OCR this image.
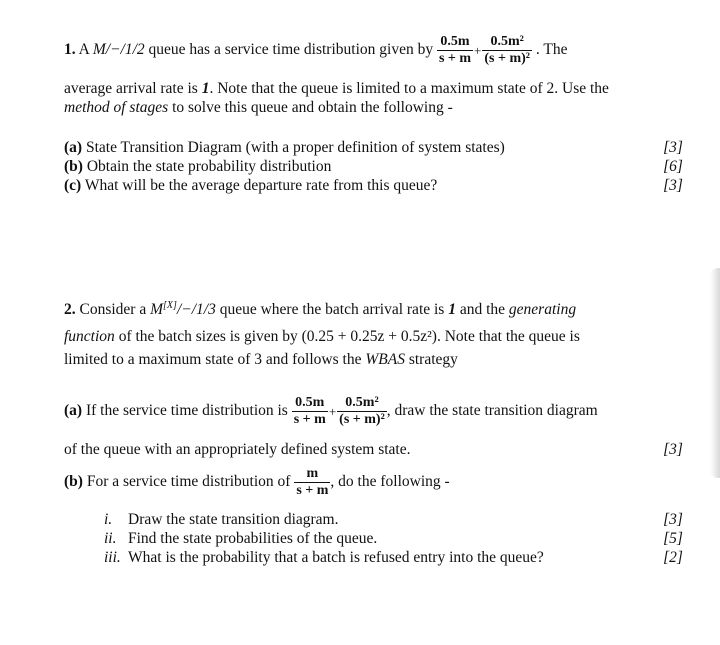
1. A M/−/1/2 queue has a service time distribution given by $\frac{0.5m}{s + m} + \frac{\text{0.5m²}}{\text{(s + m)²}}$ . The
average arrival rate is 1. Note that the queue is limited to a maximum state of 2. Use the
method of stages to solve this queue and obtain the following -
(a) State Transition Diagram (with a proper definition of system states)	[3]
(b) Obtain the state probability distribution	[6]
(c) What will be the average departure rate from this queue?	[3]
2. Consider a M[X]/−/1/3 queue where the batch arrival rate is 1 and the generating
function of the batch sizes is given by (0.25 + 0.25z + 0.5z²). Note that the queue is
limited to a maximum state of 3 and follows the WBAS strategy
(a) If the service time distribution is $\frac{0.5m}{s + m} + \frac{\text{0.5m²}}{\text{(s + m)²}}$ , draw the state transition diagram
of the queue with an appropriately defined system state.	[3]
(b) For a service time distribution of $\frac{m}{s + m}$ , do the following -
i. Draw the state transition diagram.	[3]
ii. Find the state probabilities of the queue.	[5]
iii. What is the probability that a batch is refused entry into the queue?	[2]
